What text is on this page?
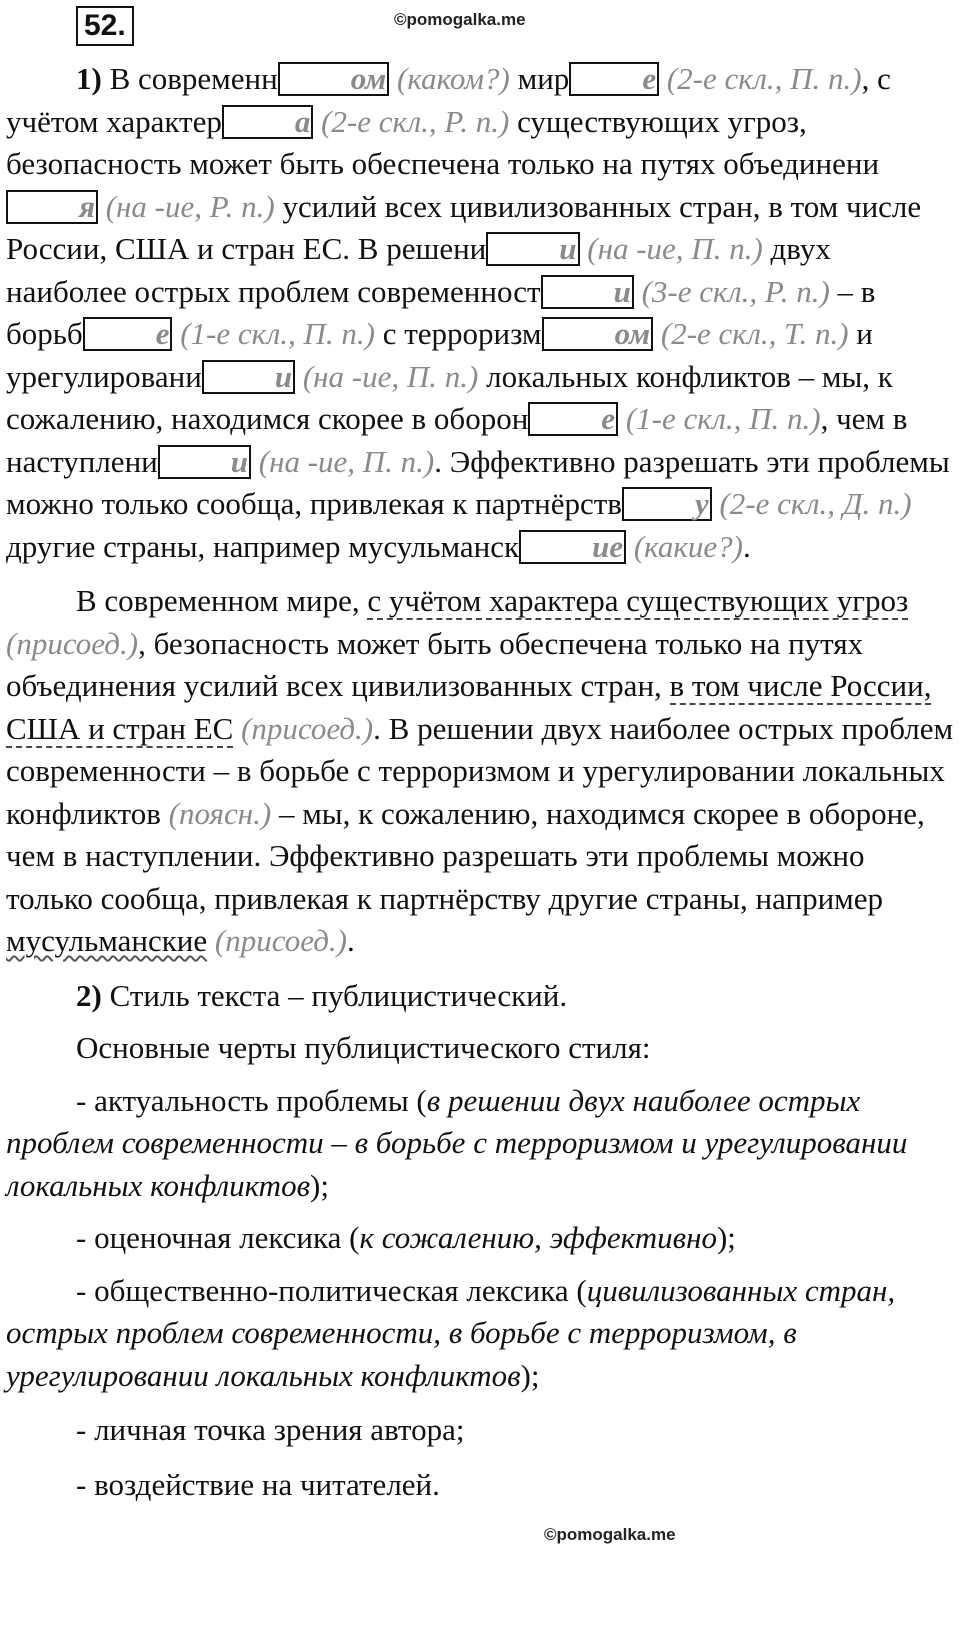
52.	©pomogalka.me

1) В современн ом (каком?) мир е (2-е скл., П. п.), с учётом характер а (2-е скл., Р. п.) существующих угроз, безопасность может быть обеспечена только на путях объединения (на -ие, Р. п.) усилий всех цивилизованных стран, в том числе России, США и стран ЕС. В решени и (на -ие, П. п.) двух наиболее острых проблем современност и (3-е скл., Р. п.) – в борьб е (1-е скл., П. п.) с терроризм ом (2-е скл., Т. п.) и урегулировани и (на -ие, П. п.) локальных конфликтов – мы, к сожалению, находимся скорее в оборон е (1-е скл., П. п.), чем в наступлени и (на -ие, П. п.). Эффективно разрешать эти проблемы можно только сообща, привлекая к партнёрств у (2-е скл., Д. п.) другие страны, например мусульманск ие (какие?).

В современном мире, с учётом характера существующих угроз (присоед.), безопасность может быть обеспечена только на путях объединения усилий всех цивилизованных стран, в том числе России, США и стран ЕС (присоед.). В решении двух наиболее острых проблем современности – в борьбе с терроризмом и урегулировании локальных конфликтов (поясн.) – мы, к сожалению, находимся скорее в обороне, чем в наступлении. Эффективно разрешать эти проблемы можно только сообща, привлекая к партнёрству другие страны, например мусульманские (присоед.).

2) Стиль текста – публицистический.

Основные черты публицистического стиля:

- актуальность проблемы (в решении двух наиболее острых проблем современности – в борьбе с терроризмом и урегулировании локальных конфликтов);

- оценочная лексика (к сожалению, эффективно);

- общественно-политическая лексика (цивилизованных стран, острых проблем современности, в борьбе с терроризмом, в урегулировании локальных конфликтов);

- личная точка зрения автора;

- воздействие на читателей.

©pomogalka.me
